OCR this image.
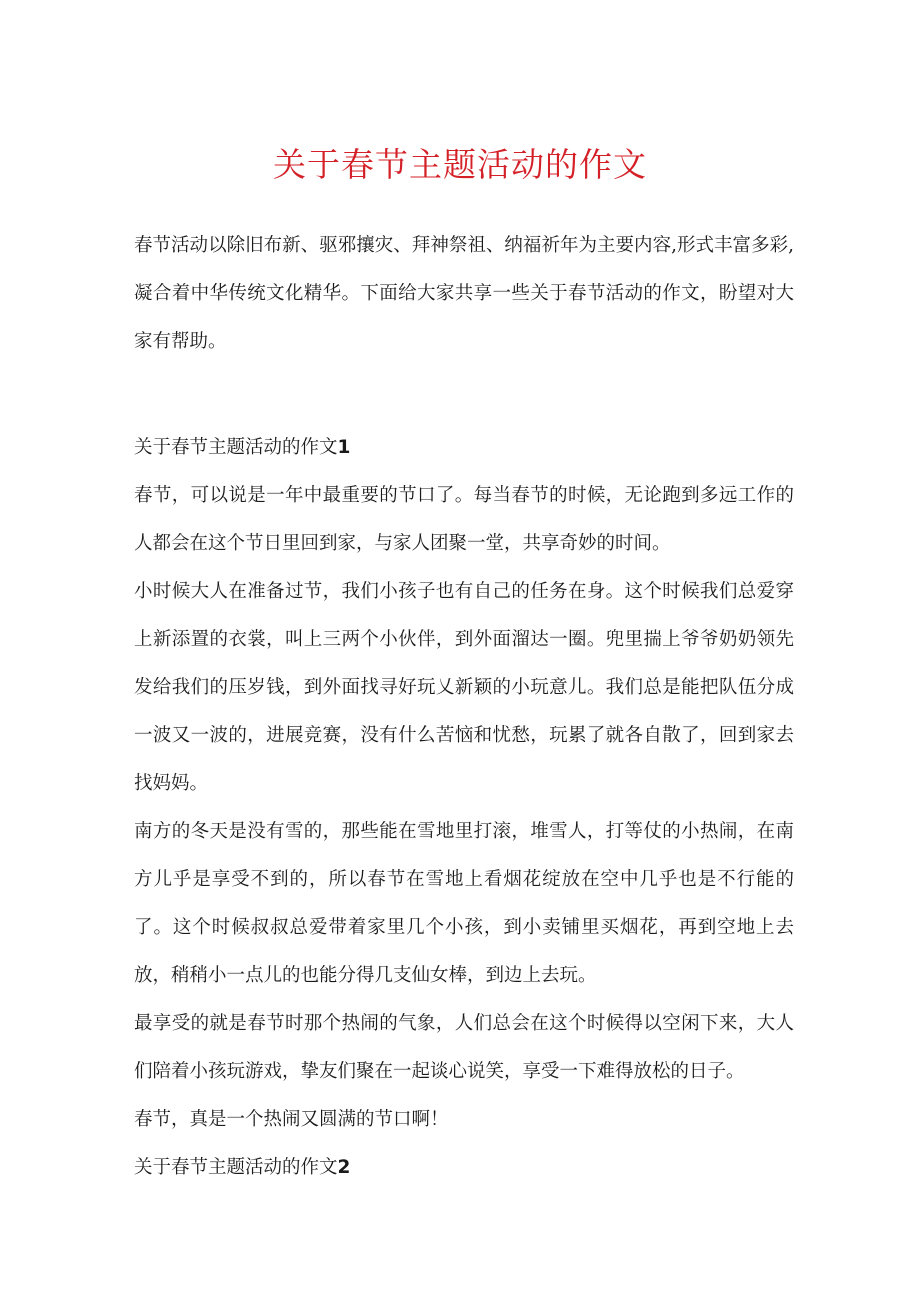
关于春节主题活动的作文

春节活动以除旧布新、驱邪攘灾、拜神祭祖、纳福祈年为主要内容,形式丰富多彩,凝合着中华传统文化精华。下面给大家共享一些关于春节活动的作文，盼望对大家有帮助。

关于春节主题活动的作文1

春节，可以说是一年中最重要的节口了。每当春节的时候，无论跑到多远工作的人都会在这个节日里回到家，与家人团聚一堂，共享奇妙的时间。

小时候大人在准备过节，我们小孩子也有自己的任务在身。这个时候我们总爱穿上新添置的衣裳，叫上三两个小伙伴，到外面溜达一圈。兜里揣上爷爷奶奶领先发给我们的压岁钱，到外面找寻好玩乂新颖的小玩意儿。我们总是能把队伍分成一波又一波的，进展竞赛，没有什么苦恼和忧愁，玩累了就各自散了，回到家去找妈妈。

南方的冬天是没有雪的，那些能在雪地里打滚，堆雪人，打等仗的小热闹，在南方儿乎是享受不到的，所以春节在雪地上看烟花绽放在空中几乎也是不行能的了。这个时候叔叔总爱带着家里几个小孩，到小卖铺里买烟花，再到空地上去放，稍稍小一点儿的也能分得几支仙女棒，到边上去玩。

最享受的就是春节时那个热闹的气象，人们总会在这个时候得以空闲下来，大人们陪着小孩玩游戏，挚友们聚在一起谈心说笑，享受一下难得放松的日子。

春节，真是一个热闹又圆满的节口啊！

关于春节主题活动的作文2
